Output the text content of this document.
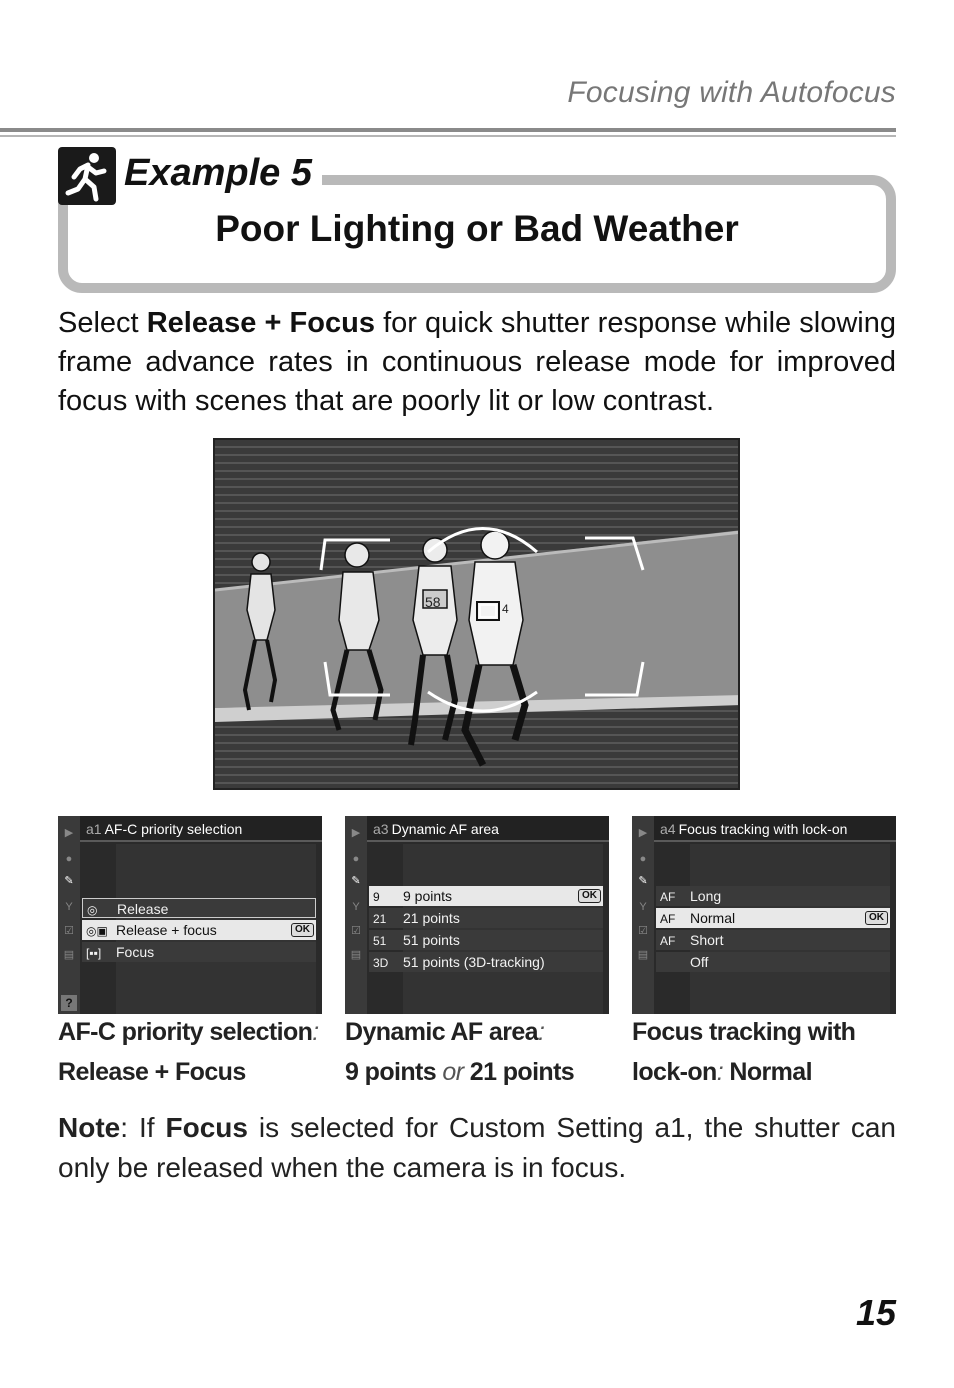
Focusing with Autofocus
Example 5
Poor Lighting or Bad Weather
Select Release + Focus for quick shutter response while slowing frame advance rates in continuous release mode for improved focus with scenes that are poorly lit or low contrast.
58	4
▶
●
✎
Y
☑
▤
?
a1 AF-C priority selection
◎ Release
◎▣ Release + focus	OK
[▪▪] Focus
▶
●
✎
Y
☑
▤
a3 Dynamic AF area
9 9 points	OK
21 21 points
51 51 points
3D 51 points (3D-tracking)
▶
●
✎
Y
☑
▤
a4 Focus tracking with lock-on
AF Long
AF Normal	OK
AF Short
Off
AF-C priority selection:
Release + Focus
Dynamic AF area:
9 points or 21 points
Focus tracking with
lock-on: Normal
Note: If Focus is selected for Custom Setting a1, the shutter can only be released when the camera is in focus.
15
